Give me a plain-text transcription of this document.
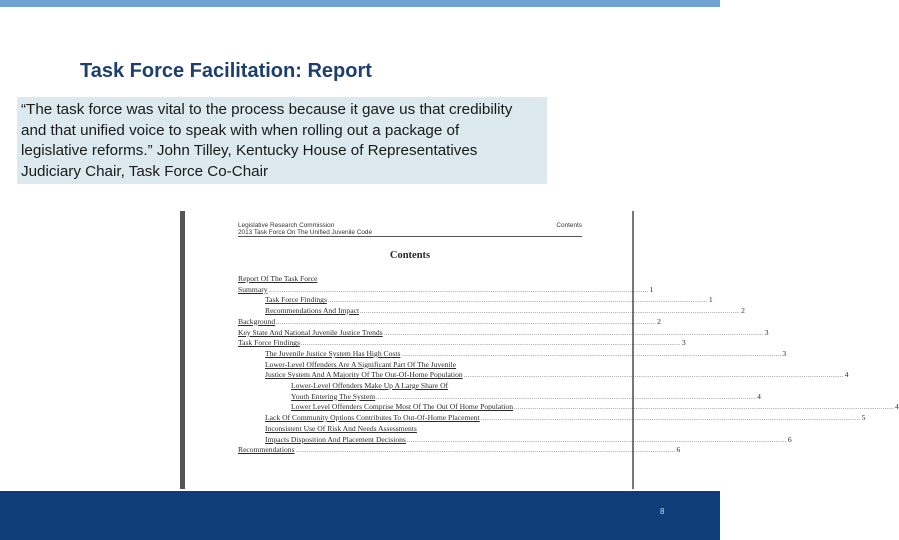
Task Force Facilitation: Report
“The task force was vital to the process because it gave us that credibility
and that unified voice to speak with when rolling out a package of
legislative reforms.” John Tilley, Kentucky House of Representatives
Judiciary Chair, Task Force Co-Chair
Legislative Research Commission
2013 Task Force On The Unified Juvenile Code
Contents
Contents
Report Of The Task Force
Summary ........................................................................................................................................................................................................ 1
Task Force Findings ........................................................................................................................................................................................................ 1
Recommendations And Impact ........................................................................................................................................................................................................ 2
Background ........................................................................................................................................................................................................ 2
Key State And National Juvenile Justice Trends ........................................................................................................................................................................................................ 3
Task Force Findings ........................................................................................................................................................................................................ 3
The Juvenile Justice System Has High Costs ........................................................................................................................................................................................................ 3
Lower-Level Offenders Are A Significant Part Of The Juvenile
Justice System And A Majority Of The Out-Of-Home Population ........................................................................................................................................................................................................ 4
Lower-Level Offenders Make Up A Large Share Of
Youth Entering The System ........................................................................................................................................................................................................ 4
Lower Level Offenders Comprise Most Of The Out Of Home Population ........................................................................................................................................................................................................ 4
Lack Of Community Options Contributes To Out-Of-Home Placement ........................................................................................................................................................................................................ 5
Inconsistent Use Of Risk And Needs Assessments
Impacts Disposition And Placement Decisions ........................................................................................................................................................................................................ 6
Recommendations ........................................................................................................................................................................................................ 6
8
